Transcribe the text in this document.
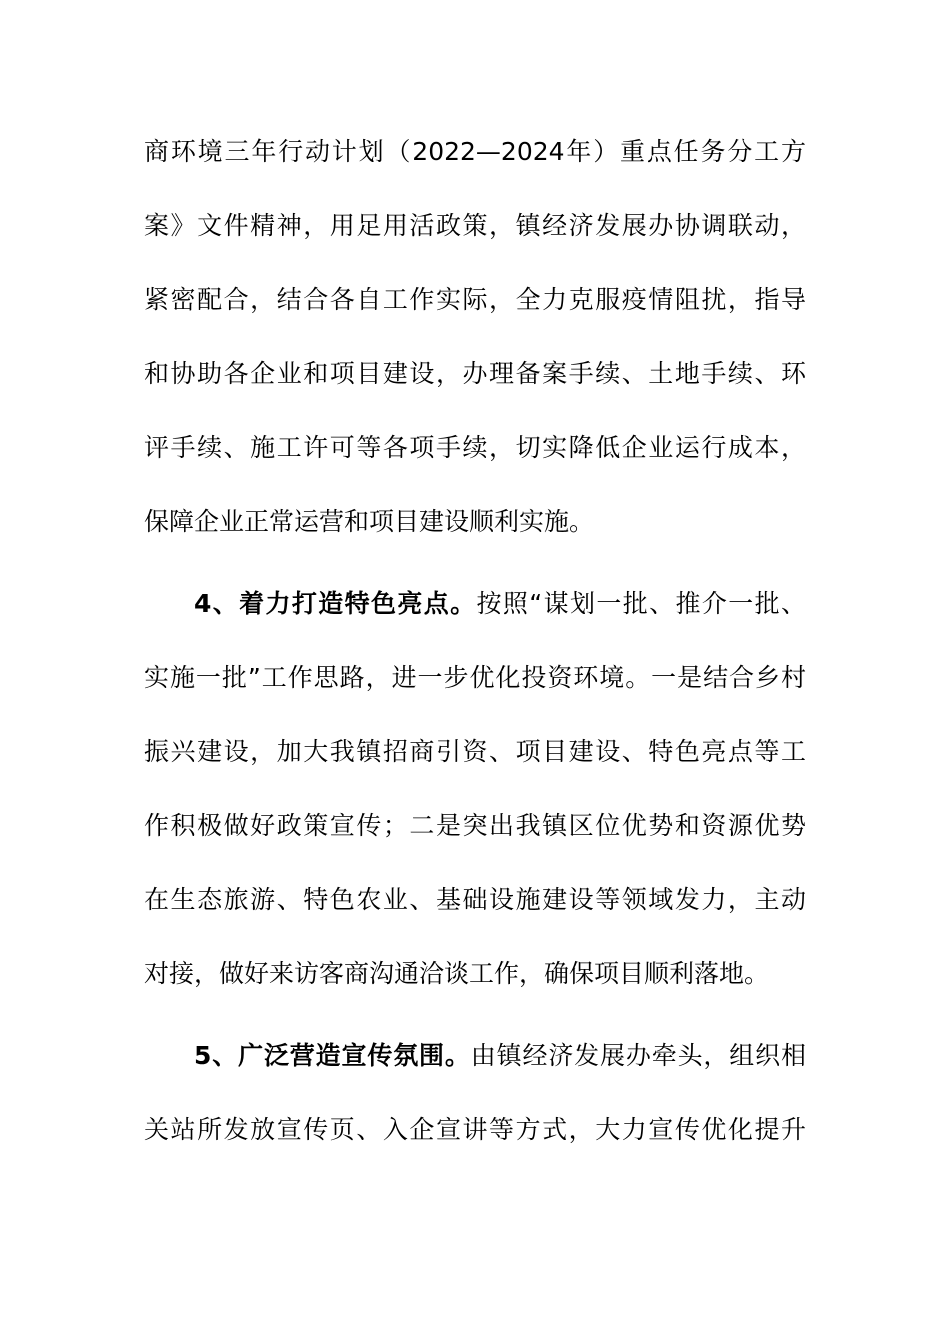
商环境三年行动计划（2022—2024年）重点任务分工方
案》文件精神，用足用活政策，镇经济发展办协调联动，
紧密配合，结合各自工作实际，全力克服疫情阻扰，指导
和协助各企业和项目建设，办理备案手续、土地手续、环
评手续、施工许可等各项手续，切实降低企业运行成本，
保障企业正常运营和项目建设顺利实施。
4、着力打造特色亮点。按照“谋划一批、推介一批、
实施一批”工作思路，进一步优化投资环境。一是结合乡村
振兴建设，加大我镇招商引资、项目建设、特色亮点等工
作积极做好政策宣传；二是突出我镇区位优势和资源优势
在生态旅游、特色农业、基础设施建设等领域发力，主动
对接，做好来访客商沟通洽谈工作，确保项目顺利落地。
5、广泛营造宣传氛围。由镇经济发展办牵头，组织相
关站所发放宣传页、入企宣讲等方式，大力宣传优化提升
